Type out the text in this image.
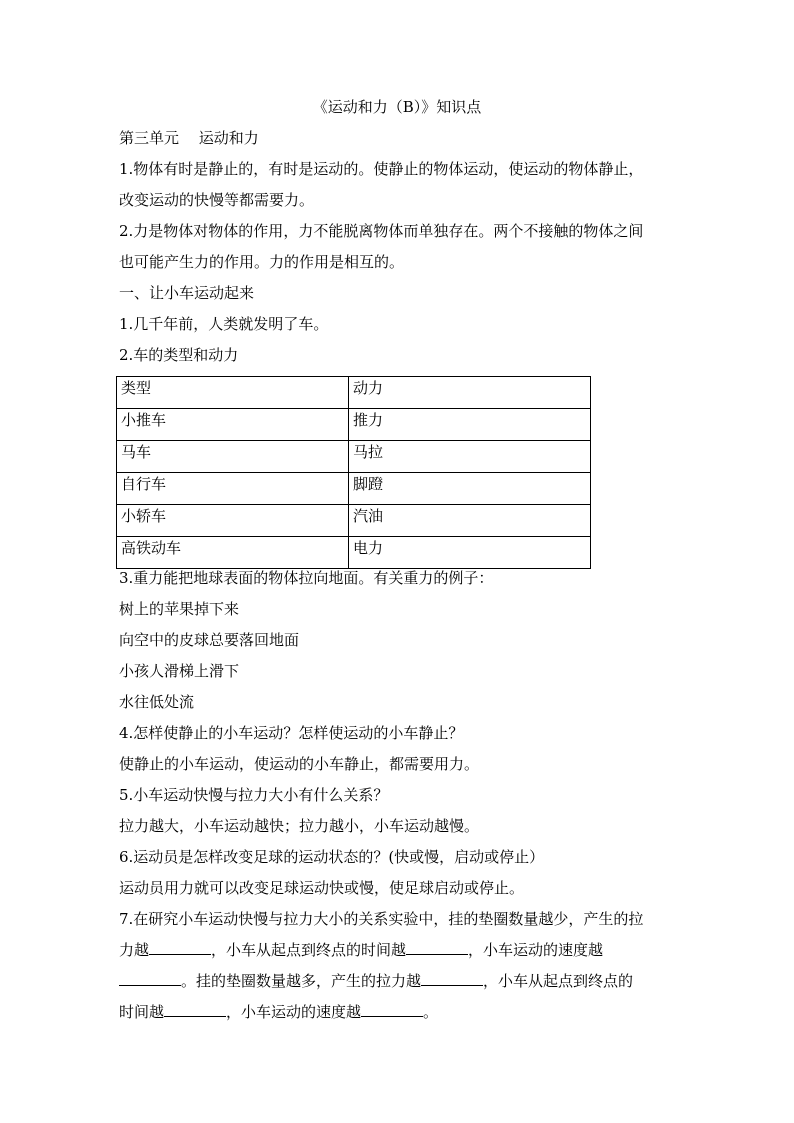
《运动和力（B）》知识点
第三单元　 运动和力
1.物体有时是静止的，有时是运动的。使静止的物体运动，使运动的物体静止，
改变运动的快慢等都需要力。
2.力是物体对物体的作用，力不能脱离物体而单独存在。两个不接触的物体之间
也可能产生力的作用。力的作用是相互的。
一、让小车运动起来
1.几千年前，人类就发明了车。
2.车的类型和动力
类型	动力
小推车	推力
马车	马拉
自行车	脚蹬
小轿车	汽油
高铁动车	电力
3.重力能把地球表面的物体拉向地面。有关重力的例子：
树上的苹果掉下来
向空中的皮球总要落回地面
小孩人滑梯上滑下
水往低处流
4.怎样使静止的小车运动？怎样使运动的小车静止？
使静止的小车运动，使运动的小车静止，都需要用力。
5.小车运动快慢与拉力大小有什么关系？
拉力越大，小车运动越快；拉力越小，小车运动越慢。
6.运动员是怎样改变足球的运动状态的？(快或慢，启动或停止）
运动员用力就可以改变足球运动快或慢，使足球启动或停止。
7.在研究小车运动快慢与拉力大小的关系实验中，挂的垫圈数量越少，产生的拉
力越	，小车从起点到终点的时间越	，小车运动的速度越
。挂的垫圈数量越多，产生的拉力越	，小车从起点到终点的
时间越	，小车运动的速度越	。
